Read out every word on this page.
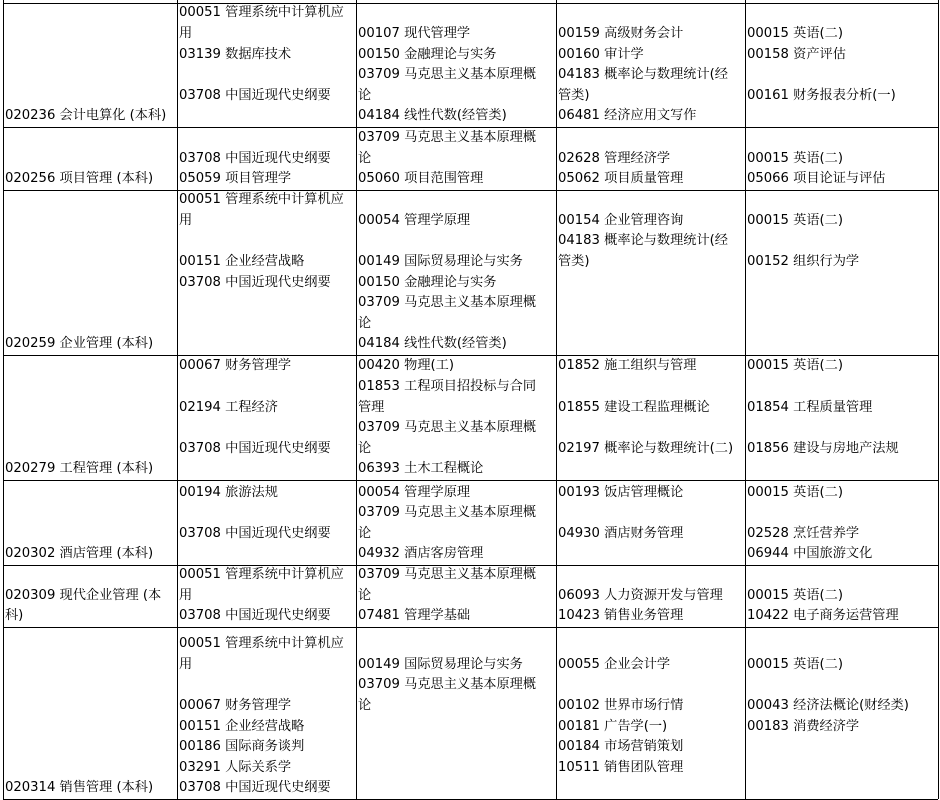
020236 会计电算化 (本科)
00051 管理系统中计算机应
用
03139 数据库技术
03708 中国近现代史纲要
00107 现代管理学
00150 金融理论与实务
03709 马克思主义基本原理概
论
04184 线性代数(经管类)
00159 高级财务会计
00160 审计学
04183 概率论与数理统计(经
管类)
06481 经济应用文写作
00015 英语(二)
00158 资产评估
00161 财务报表分析(一)
020256 项目管理 (本科)
03708 中国近现代史纲要
05059 项目管理学
03709 马克思主义基本原理概
论
05060 项目范围管理
02628 管理经济学
05062 项目质量管理
00015 英语(二)
05066 项目论证与评估
020259 企业管理 (本科)
00051 管理系统中计算机应
用
00151 企业经营战略
03708 中国近现代史纲要
00054 管理学原理
00149 国际贸易理论与实务
00150 金融理论与实务
03709 马克思主义基本原理概
论
04184 线性代数(经管类)
00154 企业管理咨询
04183 概率论与数理统计(经
管类)
00015 英语(二)
00152 组织行为学
020279 工程管理 (本科)
00067 财务管理学
02194 工程经济
03708 中国近现代史纲要
00420 物理(工)
01853 工程项目招投标与合同
管理
03709 马克思主义基本原理概
论
06393 土木工程概论
01852 施工组织与管理
01855 建设工程监理概论
02197 概率论与数理统计(二)
00015 英语(二)
01854 工程质量管理
01856 建设与房地产法规
020302 酒店管理 (本科)
00194 旅游法规
03708 中国近现代史纲要
00054 管理学原理
03709 马克思主义基本原理概
论
04932 酒店客房管理
00193 饭店管理概论
04930 酒店财务管理
00015 英语(二)
02528 烹饪营养学
06944 中国旅游文化
020309 现代企业管理 (本
科)
00051 管理系统中计算机应
用
03708 中国近现代史纲要
03709 马克思主义基本原理概
论
07481 管理学基础
06093 人力资源开发与管理
10423 销售业务管理
00015 英语(二)
10422 电子商务运营管理
020314 销售管理 (本科)
00051 管理系统中计算机应
用
00067 财务管理学
00151 企业经营战略
00186 国际商务谈判
03291 人际关系学
03708 中国近现代史纲要
00149 国际贸易理论与实务
03709 马克思主义基本原理概
论
00055 企业会计学
00102 世界市场行情
00181 广告学(一)
00184 市场营销策划
10511 销售团队管理
00015 英语(二)
00043 经济法概论(财经类)
00183 消费经济学
